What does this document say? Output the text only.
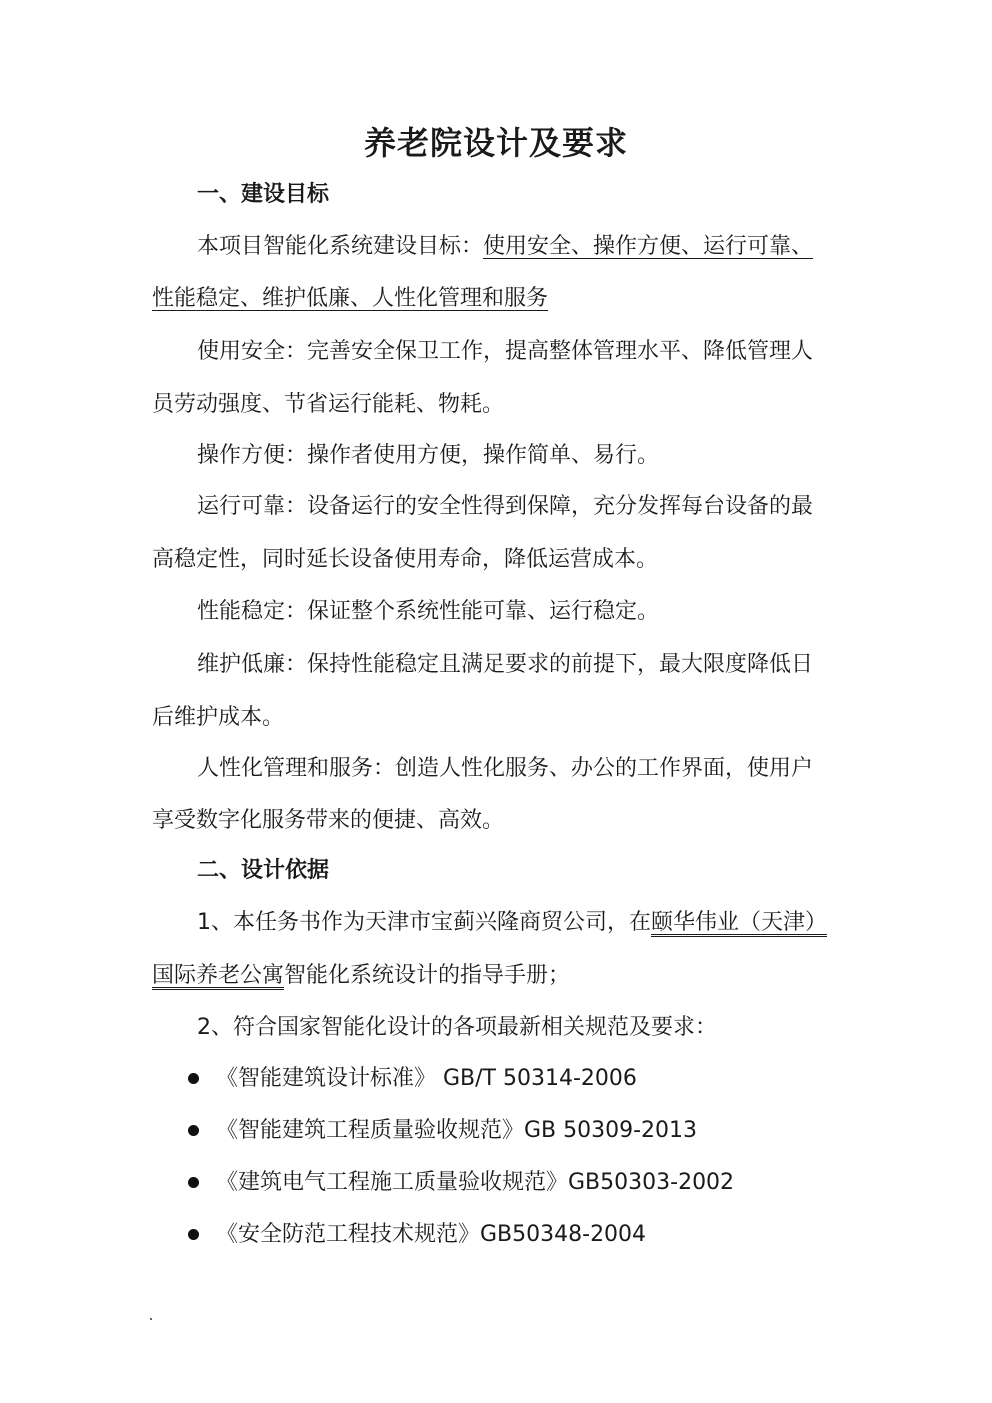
养老院设计及要求
一、建设目标
本项目智能化系统建设目标：使用安全、操作方便、运行可靠、
性能稳定、维护低廉、人性化管理和服务
使用安全：完善安全保卫工作，提高整体管理水平、降低管理人
员劳动强度、节省运行能耗、物耗。
操作方便：操作者使用方便，操作简单、易行。
运行可靠：设备运行的安全性得到保障，充分发挥每台设备的最
高稳定性，同时延长设备使用寿命，降低运营成本。
性能稳定：保证整个系统性能可靠、运行稳定。
维护低廉：保持性能稳定且满足要求的前提下，最大限度降低日
后维护成本。
人性化管理和服务：创造人性化服务、办公的工作界面，使用户
享受数字化服务带来的便捷、高效。
二、设计依据
1、本任务书作为天津市宝蓟兴隆商贸公司，在颐华伟业（天津）
国际养老公寓智能化系统设计的指导手册；
2、符合国家智能化设计的各项最新相关规范及要求：
《智能建筑设计标准》 GB/T 50314-2006
《智能建筑工程质量验收规范》GB 50309-2013
《建筑电气工程施工质量验收规范》GB50303-2002
《安全防范工程技术规范》GB50348-2004
